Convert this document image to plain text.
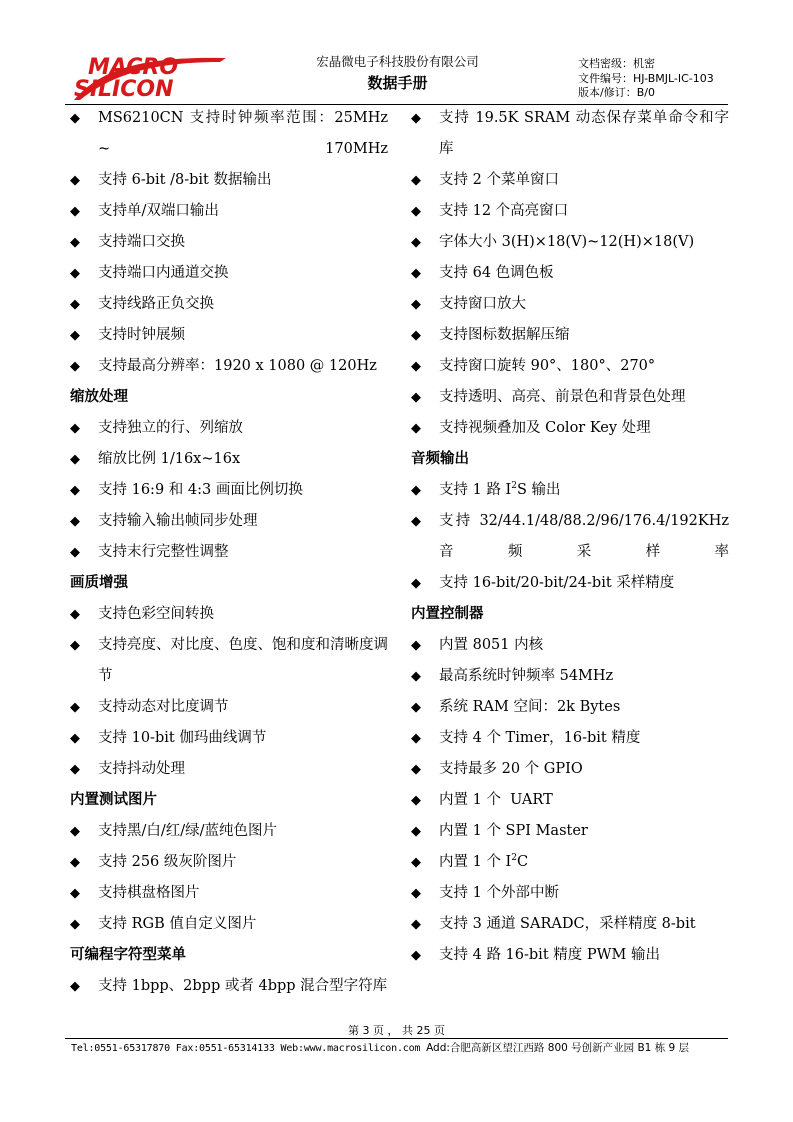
MACRO
SILICON
宏晶微电子科技股份有限公司
数据手册
文档密级：机密
文件编号：HJ-BMJL-IC-103
版本/修订：B/0
◆ MS6210CN 支持时钟频率范围：25MHz ~ 170MHz
◆ 支持 6-bit /8-bit 数据输出
◆ 支持单/双端口输出
◆ 支持端口交换
◆ 支持端口内通道交换
◆ 支持线路正负交换
◆ 支持时钟展频
◆ 支持最高分辨率：1920 x 1080 @ 120Hz
缩放处理
◆ 支持独立的行、列缩放
◆ 缩放比例 1/16x~16x
◆ 支持 16:9 和 4:3 画面比例切换
◆ 支持输入输出帧同步处理
◆ 支持末行完整性调整
画质增强
◆ 支持色彩空间转换
◆ 支持亮度、对比度、色度、饱和度和清晰度调节
◆ 支持动态对比度调节
◆ 支持 10-bit 伽玛曲线调节
◆ 支持抖动处理
内置测试图片
◆ 支持黑/白/红/绿/蓝纯色图片
◆ 支持 256 级灰阶图片
◆ 支持棋盘格图片
◆ 支持 RGB 值自定义图片
可编程字符型菜单
◆ 支持 1bpp、2bpp 或者 4bpp 混合型字符库
◆ 支持 19.5K SRAM 动态保存菜单命令和字库
◆ 支持 2 个菜单窗口
◆ 支持 12 个高亮窗口
◆ 字体大小 3(H)×18(V)~12(H)×18(V)
◆ 支持 64 色调色板
◆ 支持窗口放大
◆ 支持图标数据解压缩
◆ 支持窗口旋转 90°、180°、270°
◆ 支持透明、高亮、前景色和背景色处理
◆ 支持视频叠加及 Color Key 处理
音频输出
◆ 支持 1 路 $I^2S$ 输出
◆ 支持 32/44.1/48/88.2/96/176.4/192KHz 音频采样率
◆ 支持 16-bit/20-bit/24-bit 采样精度
内置控制器
◆ 内置 8051 内核
◆ 最高系统时钟频率 54MHz
◆ 系统 RAM 空间：2k Bytes
◆ 支持 4 个 Timer，16-bit 精度
◆ 支持最多 20 个 GPIO
◆ 内置 1 个  UART
◆ 内置 1 个 SPI Master
◆ 内置 1 个 $I^2C$
◆ 支持 1 个外部中断
◆ 支持 3 通道 SARADC，采样精度 8-bit
◆ 支持 4 路 16-bit 精度 PWM 输出
第 3 页 ， 共 25 页
Tel:0551-65317870 Fax:0551-65314133 Web:www.macrosilicon.com Add:合肥高新区望江西路 800 号创新产业园 B1 栋 9 层
